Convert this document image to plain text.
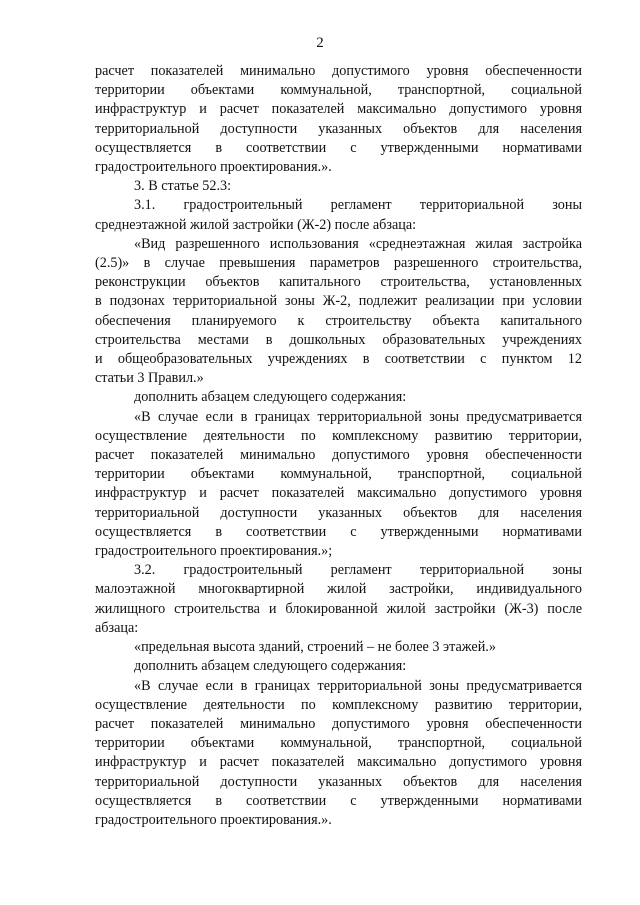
2
расчет показателей минимально допустимого уровня обеспеченности
территории объектами коммунальной, транспортной, социальной
инфраструктур и расчет показателей максимально допустимого уровня
территориальной доступности указанных объектов для населения
осуществляется в соответствии с утвержденными нормативами
градостроительного проектирования.».
3. В статье 52.3:
3.1. градостроительный регламент территориальной зоны
среднеэтажной жилой застройки (Ж-2) после абзаца:
«Вид разрешенного использования «среднеэтажная жилая застройка
(2.5)» в случае превышения параметров разрешенного строительства,
реконструкции объектов капитального строительства, установленных
в подзонах территориальной зоны Ж-2, подлежит реализации при условии
обеспечения планируемого к строительству объекта капитального
строительства местами в дошкольных образовательных учреждениях
и общеобразовательных учреждениях в соответствии с пунктом 12
статьи 3 Правил.»
дополнить абзацем следующего содержания:
«В случае если в границах территориальной зоны предусматривается
осуществление деятельности по комплексному развитию территории,
расчет показателей минимально допустимого уровня обеспеченности
территории объектами коммунальной, транспортной, социальной
инфраструктур и расчет показателей максимально допустимого уровня
территориальной доступности указанных объектов для населения
осуществляется в соответствии с утвержденными нормативами
градостроительного проектирования.»;
3.2. градостроительный регламент территориальной зоны
малоэтажной многоквартирной жилой застройки, индивидуального
жилищного строительства и блокированной жилой застройки (Ж-3) после
абзаца:
«предельная высота зданий, строений – не более 3 этажей.»
дополнить абзацем следующего содержания:
«В случае если в границах территориальной зоны предусматривается
осуществление деятельности по комплексному развитию территории,
расчет показателей минимально допустимого уровня обеспеченности
территории объектами коммунальной, транспортной, социальной
инфраструктур и расчет показателей максимально допустимого уровня
территориальной доступности указанных объектов для населения
осуществляется в соответствии с утвержденными нормативами
градостроительного проектирования.».
